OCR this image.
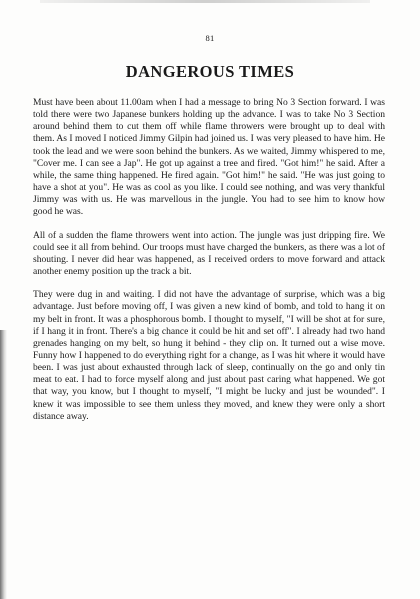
81
DANGEROUS TIMES

Must have been about 11.00am when I had a message to bring No 3 Section forward. I was told there were two Japanese bunkers holding up the advance. I was to take No 3 Section around behind them to cut them off while flame throwers were brought up to deal with them. As I moved I noticed Jimmy Gilpin had joined us. I was very pleased to have him. He took the lead and we were soon behind the bunkers. As we waited, Jimmy whispered to me, "Cover me. I can see a Jap". He got up against a tree and fired. "Got him!" he said. After a while, the same thing happened. He fired again. "Got him!" he said. "He was just going to have a shot at you". He was as cool as you like. I could see nothing, and was very thankful Jimmy was with us. He was marvellous in the jungle. You had to see him to know how good he was.

All of a sudden the flame throwers went into action. The jungle was just dripping fire. We could see it all from behind. Our troops must have charged the bunkers, as there was a lot of shouting. I never did hear was happened, as I received orders to move forward and attack another enemy position up the track a bit.

They were dug in and waiting. I did not have the advantage of surprise, which was a big advantage. Just before moving off, I was given a new kind of bomb, and told to hang it on my belt in front. It was a phosphorous bomb. I thought to myself, "I will be shot at for sure, if I hang it in front. There's a big chance it could be hit and set off". I already had two hand grenades hanging on my belt, so hung it behind - they clip on. It turned out a wise move. Funny how I happened to do everything right for a change, as I was hit where it would have been. I was just about exhausted through lack of sleep, continually on the go and only tin meat to eat. I had to force myself along and just about past caring what happened. We got that way, you know, but I thought to myself, "I might be lucky and just be wounded". I knew it was impossible to see them unless they moved, and knew they were only a short distance away.
